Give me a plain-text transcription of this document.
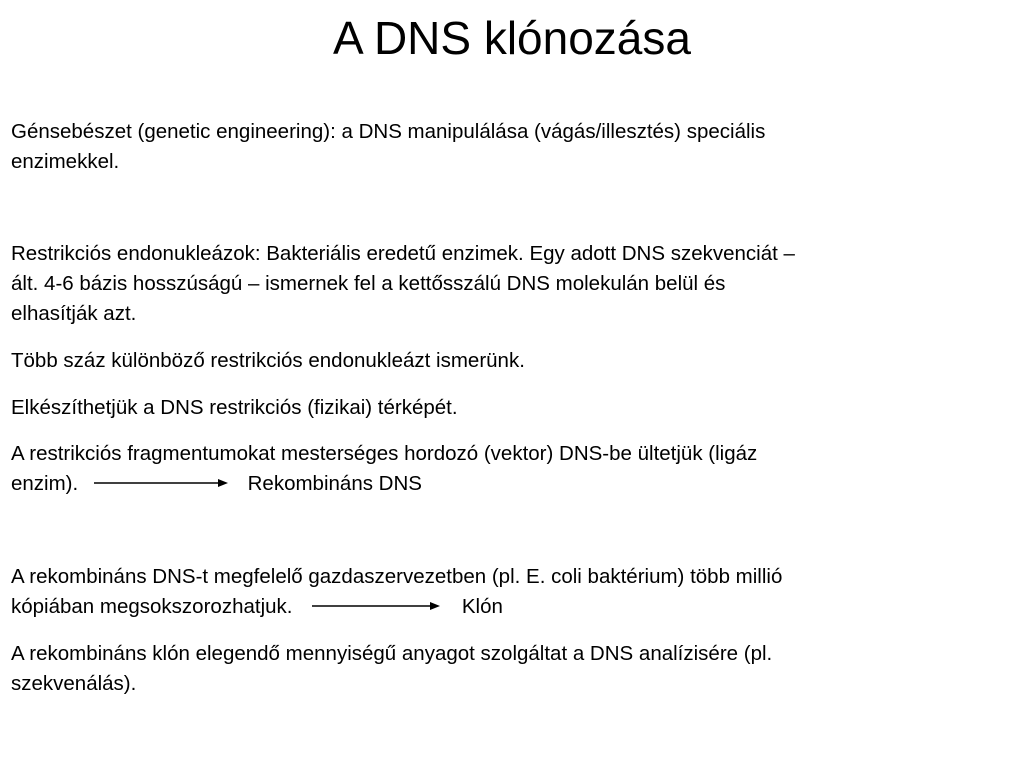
A DNS klónozása

Génsebészet (genetic engineering): a DNS manipulálása (vágás/illesztés) speciális
enzimekkel.

Restrikciós endonukleázok: Bakteriális eredetű enzimek. Egy adott DNS szekvenciát –
ált. 4-6 bázis hosszúságú – ismernek fel a kettősszálú DNS molekulán belül és
elhasítják azt.

Több száz különböző restrikciós endonukleázt ismerünk.

Elkészíthetjük a DNS restrikciós (fizikai) térképét.

A restrikciós fragmentumokat mesterséges hordozó (vektor) DNS-be ültetjük (ligáz
enzim).	Rekombináns DNS

A rekombináns DNS-t megfelelő gazdaszervezetben (pl. E. coli baktérium) több millió
kópiában megsokszorozhatjuk.	Klón

A rekombináns klón elegendő mennyiségű anyagot szolgáltat a DNS analízisére (pl.
szekvenálás).
